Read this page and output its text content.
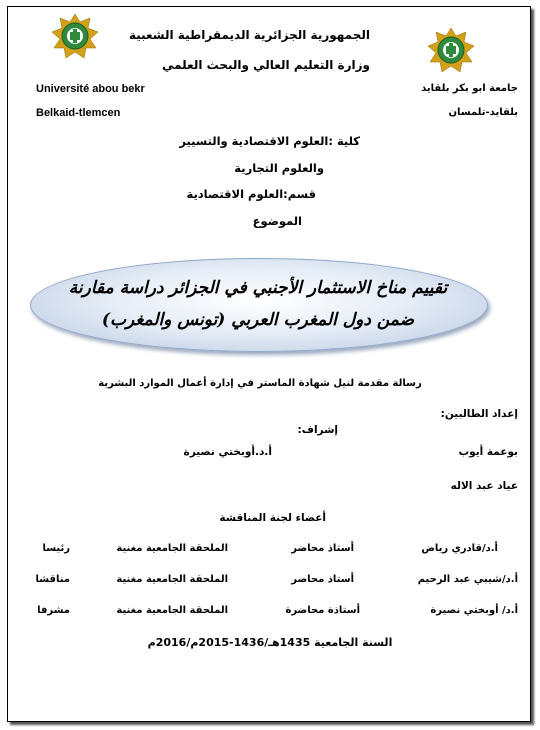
الجمهورية الجزائرية الديمقراطية الشعبية
وزارة التعليم العالي والبحث العلمي
Université abou bekr
Belkaid-tlemcen
جامعة ابو بكر بلقايد
بلقايد-تلمسان
كلية :العلوم الاقتصادية والتسيير
والعلوم التجارية
قسم:العلوم الاقتصادية
الموضوع
تقييم مناخ الاستثمار الأجنبي في الجزائر دراسة مقارنة
ضمن دول المغرب العربي (تونس والمغرب)
رسالة مقدمة لنيل شهادة الماستر في إدارة أعمال الموارد البشرية
إعداد الطالبين:
إشراف:
بوعمة أيوب
أ.د.أوبختي نصيرة
عياد عبد الاله
أعضاء لجنة المناقشة
أ.د/قادري رياض
أستاذ محاضر
الملحقة الجامعية مغنية
رئيسا
أ.د/شيبي عبد الرحيم
أستاذ محاضر
الملحقة الجامعية مغنية
مناقشا
أ.د/ أوبختي نصيرة
أستاذة محاضرة
الملحقة الجامعية مغنية
مشرفا
السنة الجامعية 1435هـ/1436-2015م/2016م
